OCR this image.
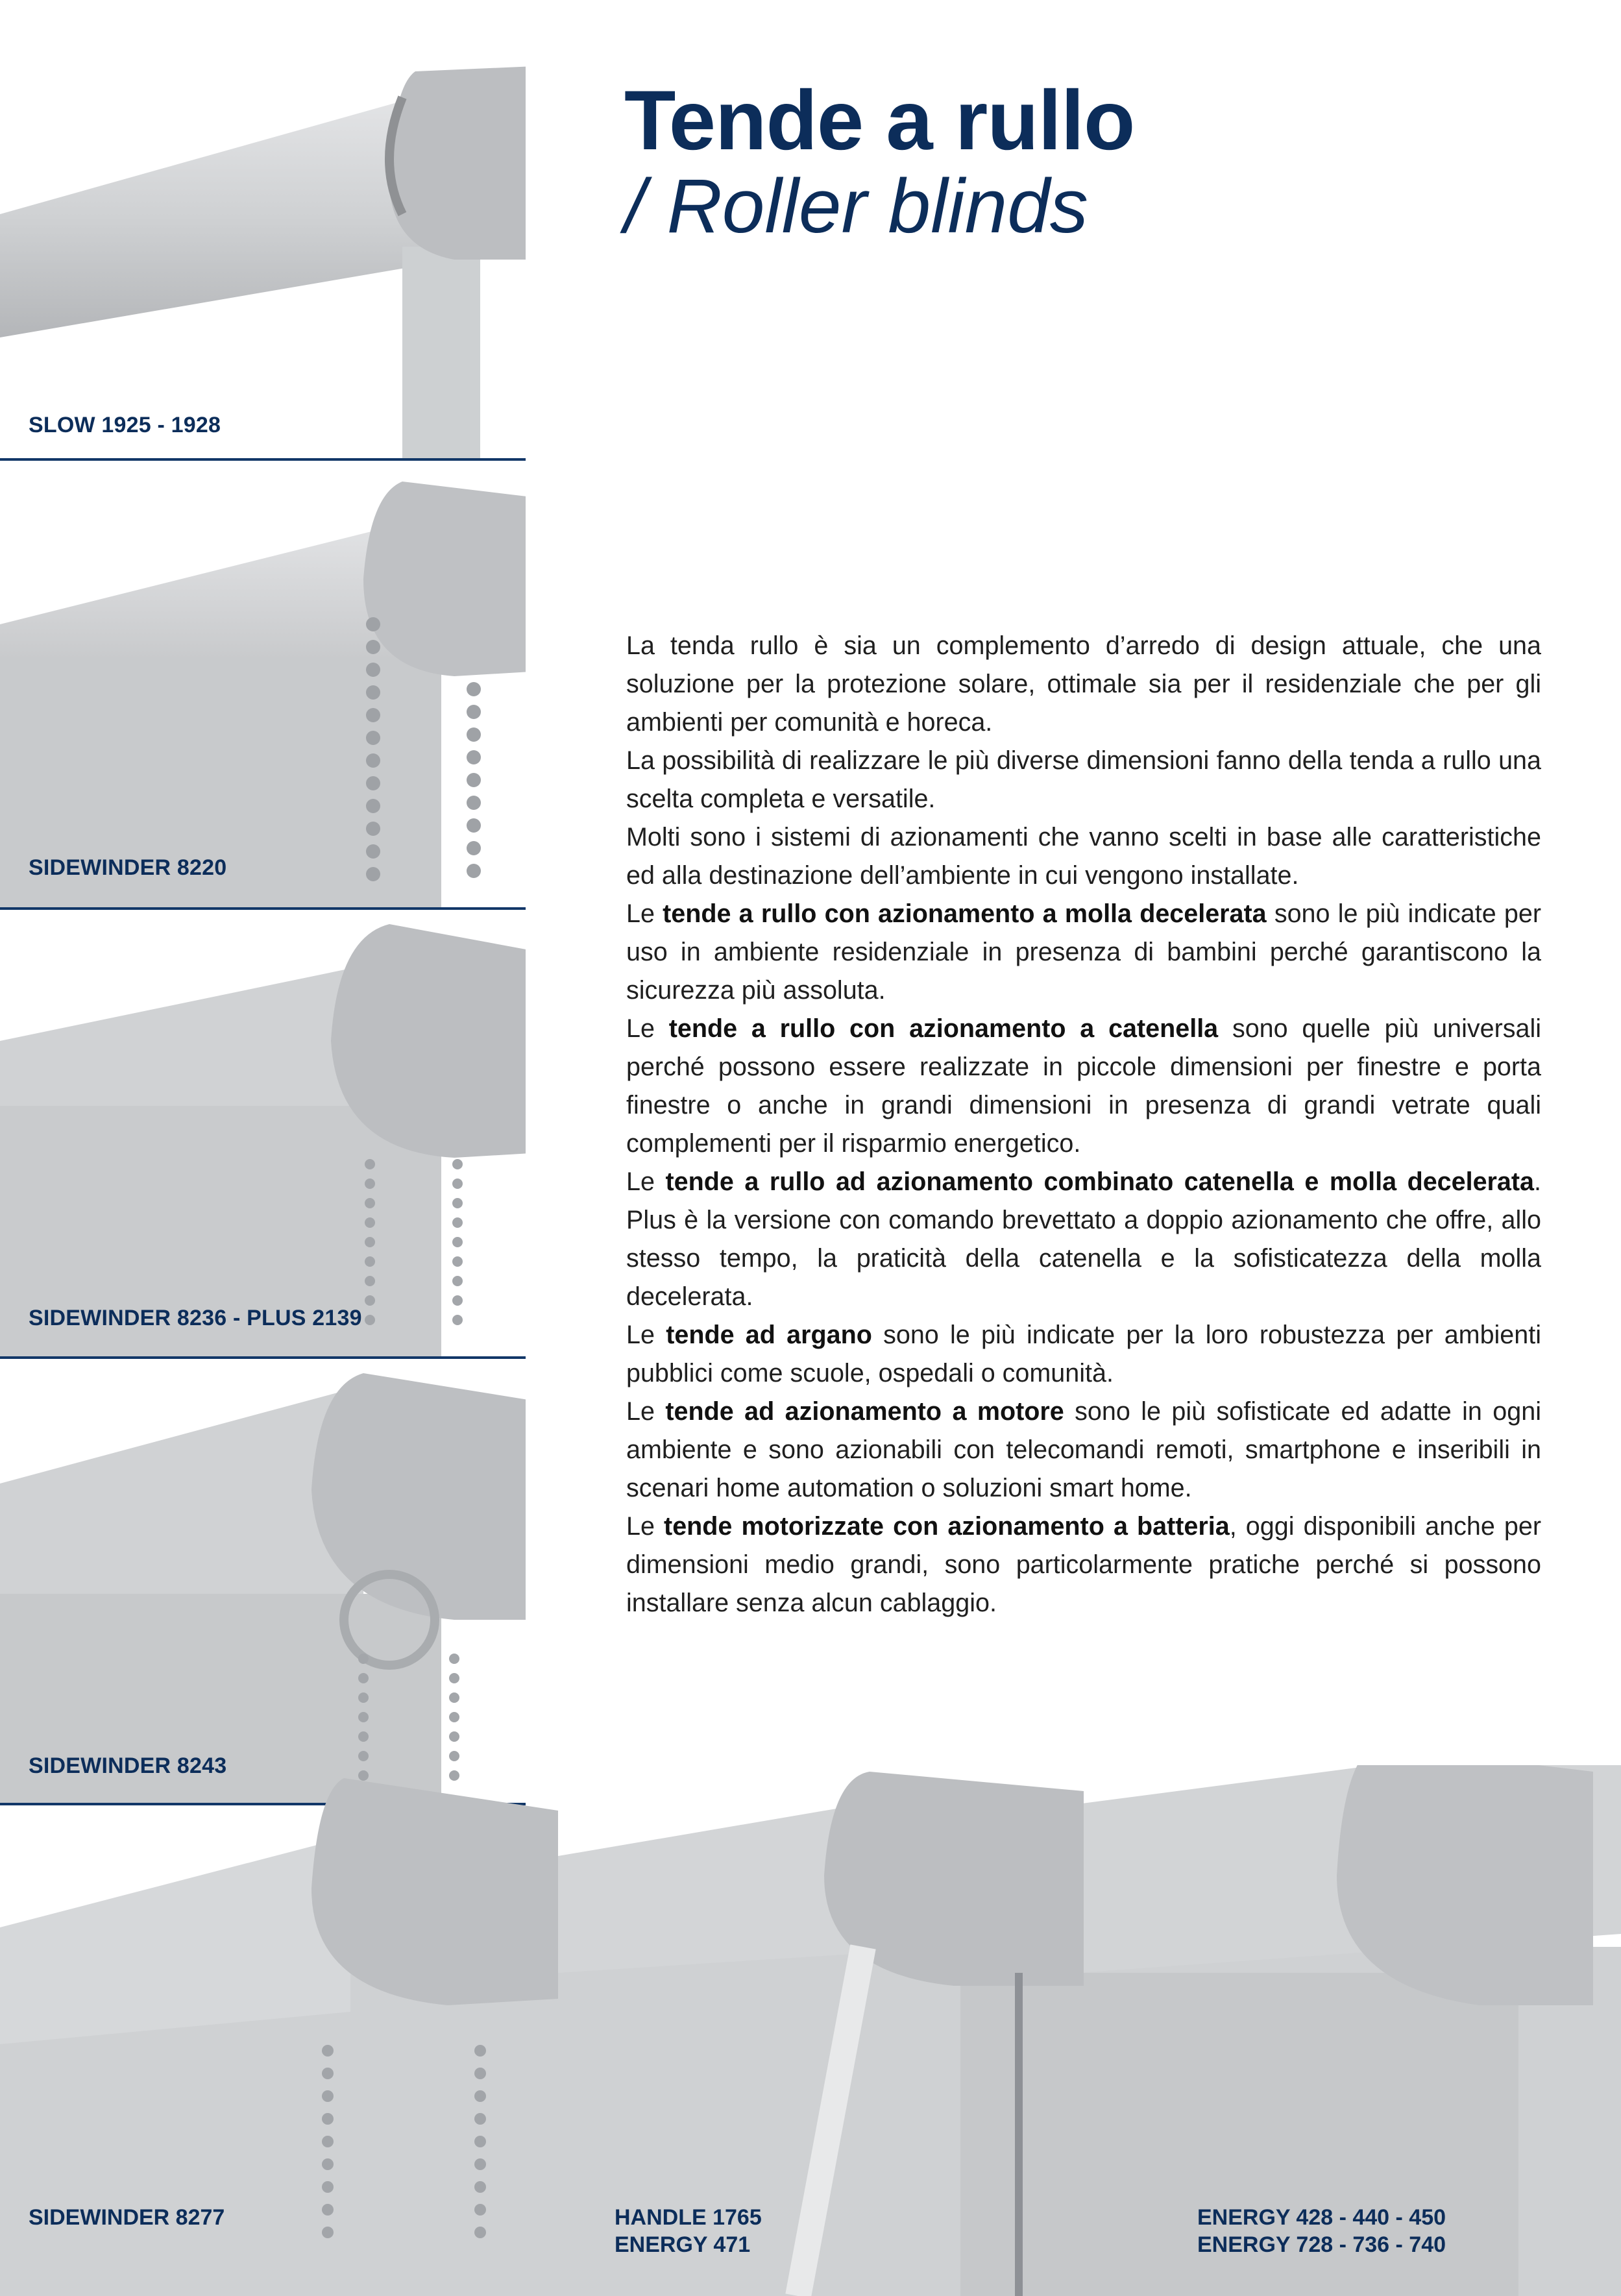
Tende a rullo
/ Roller blinds
SLOW 1925 - 1928
SIDEWINDER 8220
SIDEWINDER 8236 - PLUS 2139
SIDEWINDER 8243
SIDEWINDER 8277	HANDLE 1765
ENERGY 471
ENERGY 428 - 440 - 450
ENERGY 728 - 736 - 740

La tenda rullo è sia un complemento d’arredo di design attuale, che una soluzione per la protezione solare, ottimale sia per il residenziale che per gli ambienti per comunità e horeca.

La possibilità di realizzare le più diverse dimensioni fanno della tenda a rullo una scelta completa e versatile.

Molti sono i sistemi di azionamenti che vanno scelti in base alle caratteristiche ed alla destinazione dell’ambiente in cui vengono installate.

Le tende a rullo con azionamento a molla decelerata sono le più indicate per uso in ambiente residenziale in presenza di bambini perché garantiscono la sicurezza più assoluta.

Le tende a rullo con azionamento a catenella sono quelle più universali perché possono essere realizzate in piccole dimensioni per finestre e porta finestre o anche in grandi dimensioni in presenza di grandi vetrate quali complementi per il risparmio energetico.

Le tende a rullo ad azionamento combinato catenella e molla decelerata. Plus è la versione con comando brevettato a doppio azionamento che offre, allo stesso tempo, la praticità della catenella e la sofisticatezza della molla decelerata.

Le tende ad argano sono le più indicate per la loro robustezza per ambienti pubblici come scuole, ospedali o comunità.

Le tende ad azionamento a motore sono le più sofisticate ed adatte in ogni ambiente e sono azionabili con telecomandi remoti, smartphone e inseribili in scenari home automation o soluzioni smart home.

Le tende motorizzate con azionamento a batteria, oggi disponibili anche per dimensioni medio grandi, sono particolarmente pratiche perché si possono installare senza alcun cablaggio.
